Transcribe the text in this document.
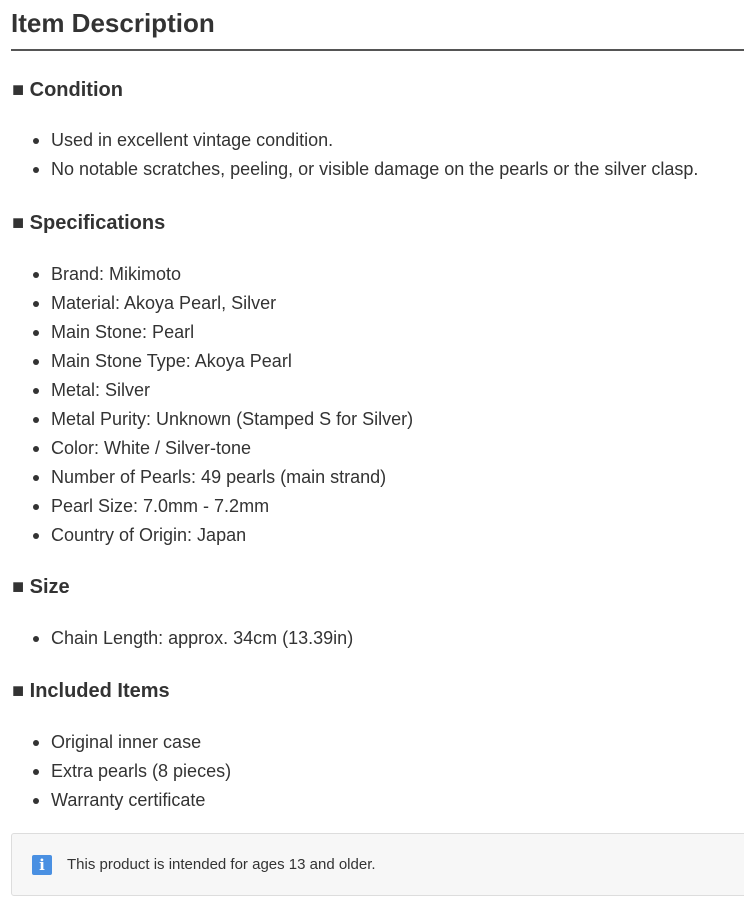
Item Description
■ Condition
Used in excellent vintage condition.
No notable scratches, peeling, or visible damage on the pearls or the silver clasp.
■ Specifications
Brand: Mikimoto
Material: Akoya Pearl, Silver
Main Stone: Pearl
Main Stone Type: Akoya Pearl
Metal: Silver
Metal Purity: Unknown (Stamped S for Silver)
Color: White / Silver-tone
Number of Pearls: 49 pearls (main strand)
Pearl Size: 7.0mm - 7.2mm
Country of Origin: Japan
■ Size
Chain Length: approx. 34cm (13.39in)
■ Included Items
Original inner case
Extra pearls (8 pieces)
Warranty certificate
i	This product is intended for ages 13 and older.
